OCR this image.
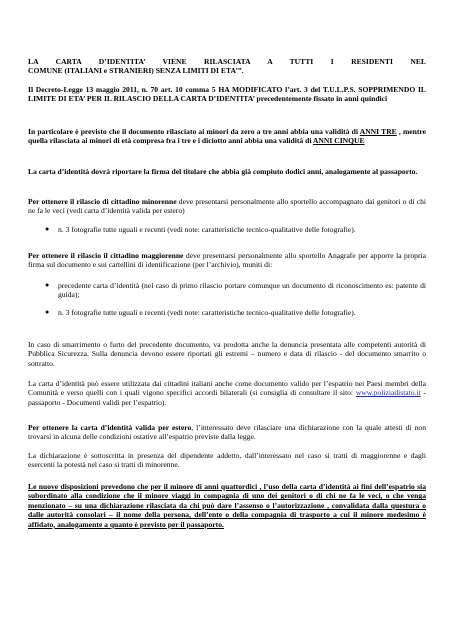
LA CARTA D’IDENTITA’ VIENE RILASCIATA A TUTTI I RESIDENTI NEL
COMUNE (ITALIANI e STRANIERI) SENZA LIMITI DI ETA’”.

Il Decreto-Legge 13 maggio 2011, n. 70 art. 10 comma 5 HA MODIFICATO l’art. 3 del T.U.L.P.S. SOPPRIMENDO IL LIMITE DI ETA’ PER IL RILASCIO DELLA CARTA D’IDENTITA’ precedentemente fissato in anni quindici

In particolare è previsto che il documento rilasciato ai minori da zero a tre anni abbia una validità di ANNI TRE , mentre quella rilasciata ai minori di età compresa fra i tre e i diciotto anni abbia una validità di ANNI CINQUE

La carta d’identità dovrà riportare la firma del titolare che abbia già compiuto dodici anni, analogamente al passaporto.

Per ottenere il rilascio di cittadino minorenne deve presentarsi personalmente allo sportello accompagnato dai genitori o di chi ne fa le veci (vedi carta d’identità valida per estero)

● n. 3 fotografie tutte uguali e recenti (vedi note: caratteristiche tecnico-qualitative delle fotografie).

Per ottenere il rilascio il cittadino maggiorenne deve presentarsi personalmente allo sportello Anagrafe per apporre la propria firma sul documento e sui cartellini di identificazione (per l’archivio), muniti di:

● precedente carta d’identità (nel caso di primo rilascio portare comunque un documento di riconoscimento es: patente di guida);

● n. 3 fotografie tutte uguali e recenti (vedi note: caratteristiche tecnico-qualitative delle fotografie).

In caso di smarrimento o furto del precedente documento, va prodotta anche la denuncia presentata alle competenti autorità di Pubblica Sicurezza. Sulla denuncia devono essere riportati gli estremi – numero e data di rilascio - del documento smarrito o sottratto.

La carta d’identità può essere utilizzata dai cittadini italiani anche come documento valido per l’espatrio nei Paesi membri della Comunità e verso quelli con i quali vigono specifici accordi bilaterali (si consiglia di consultare il sito: www.poliziadistato.it - passaporto - Documenti validi per l’espatrio).

Per ottenere la carta d’identità valida per estero, l’interessato deve rilasciare una dichiarazione con la quale attesti di non trovarsi in alcuna delle condizioni ostative all’espatrio previste dalla legge.

La dichiarazione è sottoscritta in presenza del dipendente addetto, dall’interessato nel caso si tratti di maggiorenne e dagli esercenti la potestà nel caso si tratti di minorenne.

Le nuove disposizioni prevedono che per il minore di anni quattordici , l’uso della carta d’identità ai fini dell’espatrio sia subordinato alla condizione che il minore viaggi in compagnia di uno dei genitori o di chi ne fa le veci, o che venga menzionato – su una dichiarazione rilasciata da chi può dare l’assenso o l’autorizzazione , convalidata dalla questura o dalle autorità consolari – il nome della persona, dell’ente o della compagnia di trasporto a cui il minore medesimo è affidato, analogamente a quanto è previsto per il passaporto.
